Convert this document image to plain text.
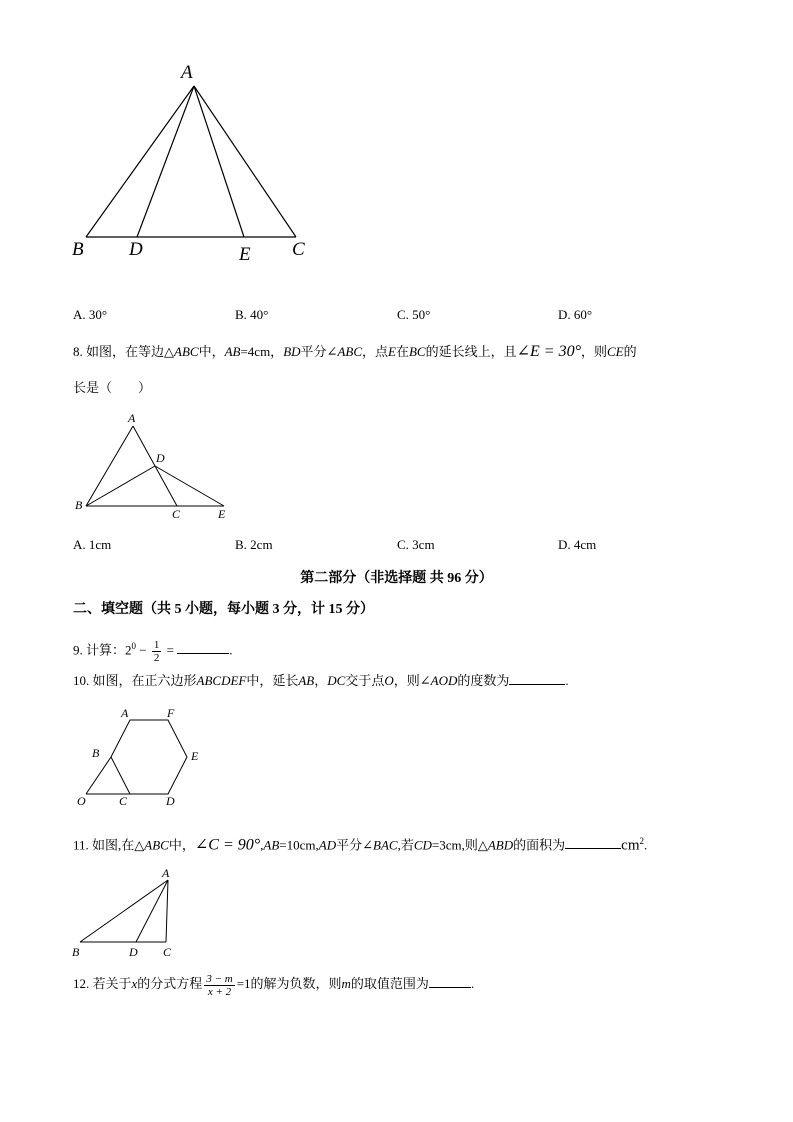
A
B D	E C
A. 30°	B. 40°	C. 50°	D. 60°
8. 如图，在等边△ABC中，AB=4cm，BD平分∠ABC，点E在BC的延长线上，且∠E = 30°，则CE的
长是（　　）
A
D
B
C	E
A. 1cm	B. 2cm	C. 3cm	D. 4cm
第二部分（非选择题 共 96 分）
二、填空题（共 5 小题，每小题 3 分，计 15 分）
9. 计算：$2^0 - \frac{1}{2}$ =	.
10. 如图，在正六边形ABCDEF中，延长AB，DC交于点O，则∠AOD的度数为	.
A	F
B	E
O	C	D
11. 如图,在△ABC中，∠C = 90°,AB=10cm,AD平分∠BAC,若CD=3cm,则△ABD的面积为	$cm^2$.
A
B	D C
12. 若关于x的分式方程 $\frac{3 - m}{x + 2} =1$的解为负数，则m的取值范围为	.
